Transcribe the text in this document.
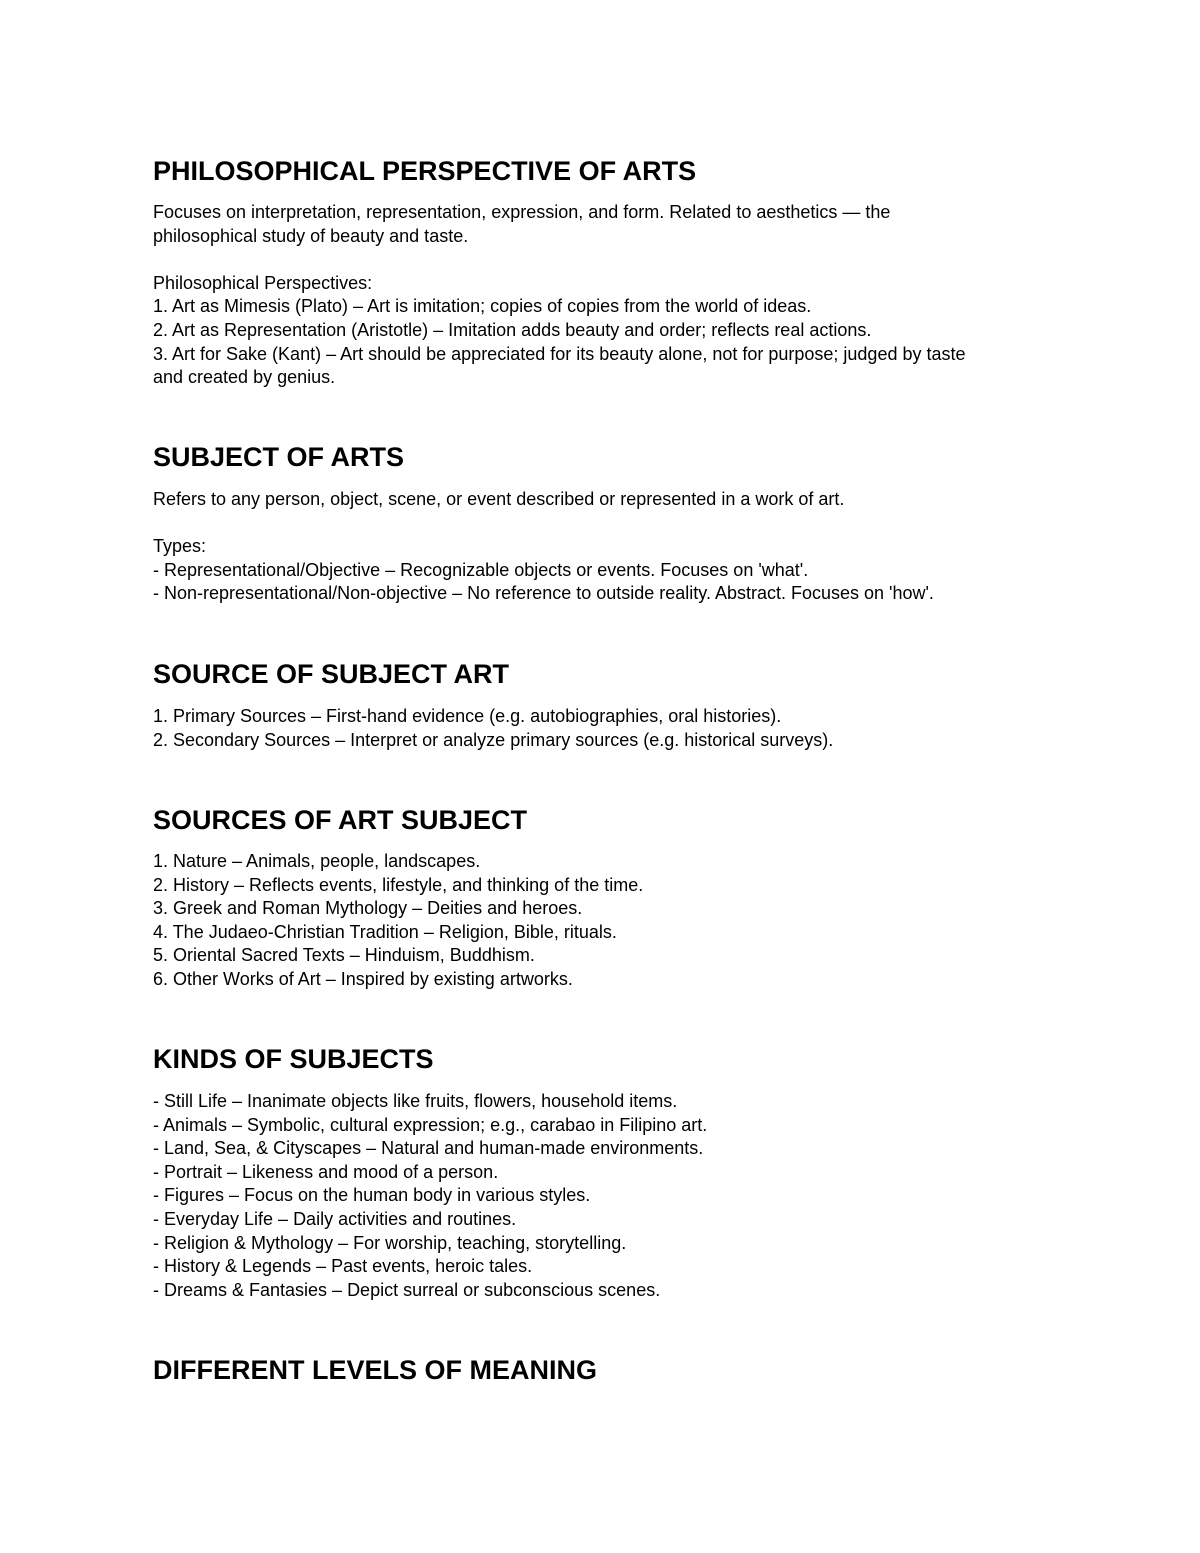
PHILOSOPHICAL PERSPECTIVE OF ARTS
Focuses on interpretation, representation, expression, and form. Related to aesthetics — the
philosophical study of beauty and taste.
Philosophical Perspectives:
1. Art as Mimesis (Plato) – Art is imitation; copies of copies from the world of ideas.
2. Art as Representation (Aristotle) – Imitation adds beauty and order; reflects real actions.
3. Art for Sake (Kant) – Art should be appreciated for its beauty alone, not for purpose; judged by taste
and created by genius.
SUBJECT OF ARTS
Refers to any person, object, scene, or event described or represented in a work of art.
Types:
- Representational/Objective – Recognizable objects or events. Focuses on 'what'.
- Non-representational/Non-objective – No reference to outside reality. Abstract. Focuses on 'how'.
SOURCE OF SUBJECT ART
1. Primary Sources – First-hand evidence (e.g. autobiographies, oral histories).
2. Secondary Sources – Interpret or analyze primary sources (e.g. historical surveys).
SOURCES OF ART SUBJECT
1. Nature – Animals, people, landscapes.
2. History – Reflects events, lifestyle, and thinking of the time.
3. Greek and Roman Mythology – Deities and heroes.
4. The Judaeo-Christian Tradition – Religion, Bible, rituals.
5. Oriental Sacred Texts – Hinduism, Buddhism.
6. Other Works of Art – Inspired by existing artworks.
KINDS OF SUBJECTS
- Still Life – Inanimate objects like fruits, flowers, household items.
- Animals – Symbolic, cultural expression; e.g., carabao in Filipino art.
- Land, Sea, & Cityscapes – Natural and human-made environments.
- Portrait – Likeness and mood of a person.
- Figures – Focus on the human body in various styles.
- Everyday Life – Daily activities and routines.
- Religion & Mythology – For worship, teaching, storytelling.
- History & Legends – Past events, heroic tales.
- Dreams & Fantasies – Depict surreal or subconscious scenes.
DIFFERENT LEVELS OF MEANING
